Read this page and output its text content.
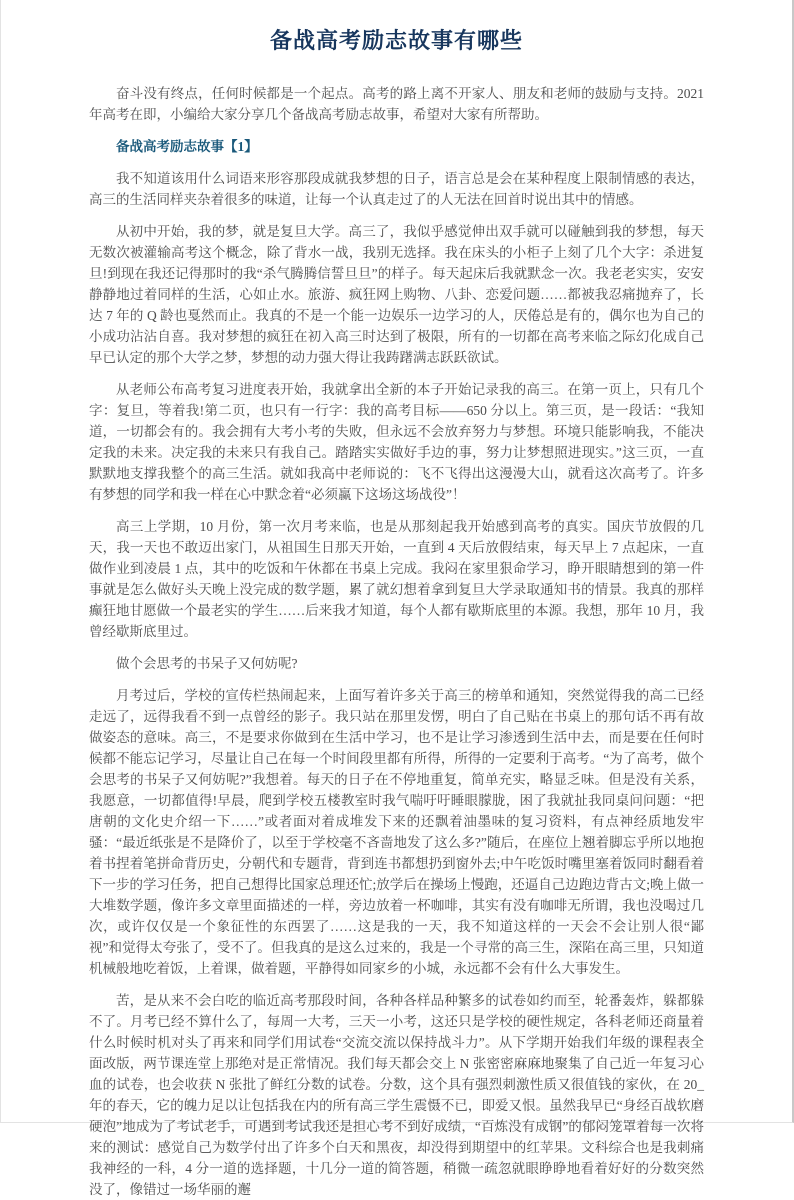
备战高考励志故事有哪些

奋斗没有终点，任何时候都是一个起点。高考的路上离不开家人、朋友和老师的鼓励与支持。2021 年高考在即，小编给大家分享几个备战高考励志故事，希望对大家有所帮助。

备战高考励志故事【1】

我不知道该用什么词语来形容那段成就我梦想的日子，语言总是会在某种程度上限制情感的表达，高三的生活同样夹杂着很多的味道，让每一个认真走过了的人无法在回首时说出其中的情感。

从初中开始，我的梦，就是复旦大学。高三了，我似乎感觉伸出双手就可以碰触到我的梦想，每天无数次被灌输高考这个概念，除了背水一战，我别无选择。我在床头的小柜子上刻了几个大字：杀进复旦!到现在我还记得那时的我“杀气腾腾信誓旦旦”的样子。每天起床后我就默念一次。我老老实实，安安静静地过着同样的生活，心如止水。旅游、疯狂网上购物、八卦、恋爱问题……都被我忍痛抛弃了，长达 7 年的 Q 龄也戛然而止。我真的不是一个能一边娱乐一边学习的人，厌倦总是有的，偶尔也为自己的小成功沾沾自喜。我对梦想的疯狂在初入高三时达到了极限，所有的一切都在高考来临之际幻化成自己早已认定的那个大学之梦，梦想的动力强大得让我踌躇满志跃跃欲试。

从老师公布高考复习进度表开始，我就拿出全新的本子开始记录我的高三。在第一页上，只有几个字：复旦，等着我!第二页，也只有一行字：我的高考目标——650 分以上。第三页，是一段话：“我知道，一切都会有的。我会拥有大考小考的失败，但永远不会放弃努力与梦想。环境只能影响我，不能决定我的未来。决定我的未来只有我自己。踏踏实实做好手边的事，努力让梦想照进现实。”这三页，一直默默地支撑我整个的高三生活。就如我高中老师说的：飞不飞得出这漫漫大山，就看这次高考了。许多有梦想的同学和我一样在心中默念着“必须赢下这场这场战役”！

高三上学期，10 月份，第一次月考来临，也是从那刻起我开始感到高考的真实。国庆节放假的几天，我一天也不敢迈出家门，从祖国生日那天开始，一直到 4 天后放假结束，每天早上 7 点起床，一直做作业到凌晨 1 点，其中的吃饭和午休都在书桌上完成。我闷在家里狠命学习，睁开眼睛想到的第一件事就是怎么做好头天晚上没完成的数学题，累了就幻想着拿到复旦大学录取通知书的情景。我真的那样癫狂地甘愿做一个最老实的学生……后来我才知道，每个人都有歇斯底里的本源。我想，那年 10 月，我曾经歇斯底里过。

做个会思考的书呆子又何妨呢?

月考过后，学校的宣传栏热闹起来，上面写着许多关于高三的榜单和通知，突然觉得我的高二已经走远了，远得我看不到一点曾经的影子。我只站在那里发愣，明白了自己贴在书桌上的那句话不再有故做姿态的意味。高三，不是要求你做到在生活中学习，也不是让学习渗透到生活中去，而是要在任何时候都不能忘记学习，尽量让自己在每一个时间段里都有所得，所得的一定要利于高考。“为了高考，做个会思考的书呆子又何妨呢?”我想着。每天的日子在不停地重复，简单充实，略显乏味。但是没有关系，我愿意，一切都值得!早晨，爬到学校五楼教室时我气喘吁吁睡眼朦胧，困了我就扯我同桌问问题：“把唐朝的文化史介绍一下……”或者面对着成堆发下来的还飘着油墨味的复习资料，有点神经质地发牢骚：“最近纸张是不是降价了，以至于学校毫不吝啬地发了这么多?”随后，在座位上翘着脚忘乎所以地抱着书捏着笔拼命背历史，分朝代和专题背，背到连书都想扔到窗外去;中午吃饭时嘴里塞着饭同时翻看着下一步的学习任务，把自己想得比国家总理还忙;放学后在操场上慢跑，还逼自己边跑边背古文;晚上做一大堆数学题，像许多文章里面描述的一样，旁边放着一杯咖啡，其实有没有咖啡无所谓，我也没喝过几次，或许仅仅是一个象征性的东西罢了……这是我的一天，我不知道这样的一天会不会让别人很“鄙视”和觉得太夸张了，受不了。但我真的是这么过来的，我是一个寻常的高三生，深陷在高三里，只知道机械般地吃着饭，上着课，做着题，平静得如同家乡的小城，永远都不会有什么大事发生。

苦，是从来不会白吃的临近高考那段时间，各种各样品种繁多的试卷如约而至，轮番轰炸，躲都躲不了。月考已经不算什么了，每周一大考，三天一小考，这还只是学校的硬性规定，各科老师还商量着什么时候时机对头了再来和同学们用试卷“交流交流以保持战斗力”。从下学期开始我们年级的课程表全面改版，两节课连堂上那绝对是正常情况。我们每天都会交上 N 张密密麻麻地聚集了自己近一年复习心血的试卷，也会收获 N 张批了鲜红分数的试卷。分数，这个具有强烈刺激性质又很值钱的家伙，在 20_年的春天，它的魄力足以让包括我在内的所有高三学生震慑不已，即爱又恨。虽然我早已“身经百战软磨硬泡”地成为了考试老手，可遇到考试我还是担心考不到好成绩，“百炼没有成钢”的郁闷笼罩着每一次将来的测试：感觉自己为数学付出了许多个白天和黑夜，却没得到期望中的红苹果。文科综合也是我刺痛我神经的一科，4 分一道的选择题，十几分一道的简答题，稍微一疏忽就眼睁睁地看着好好的分数突然没了，像错过一场华丽的邂
